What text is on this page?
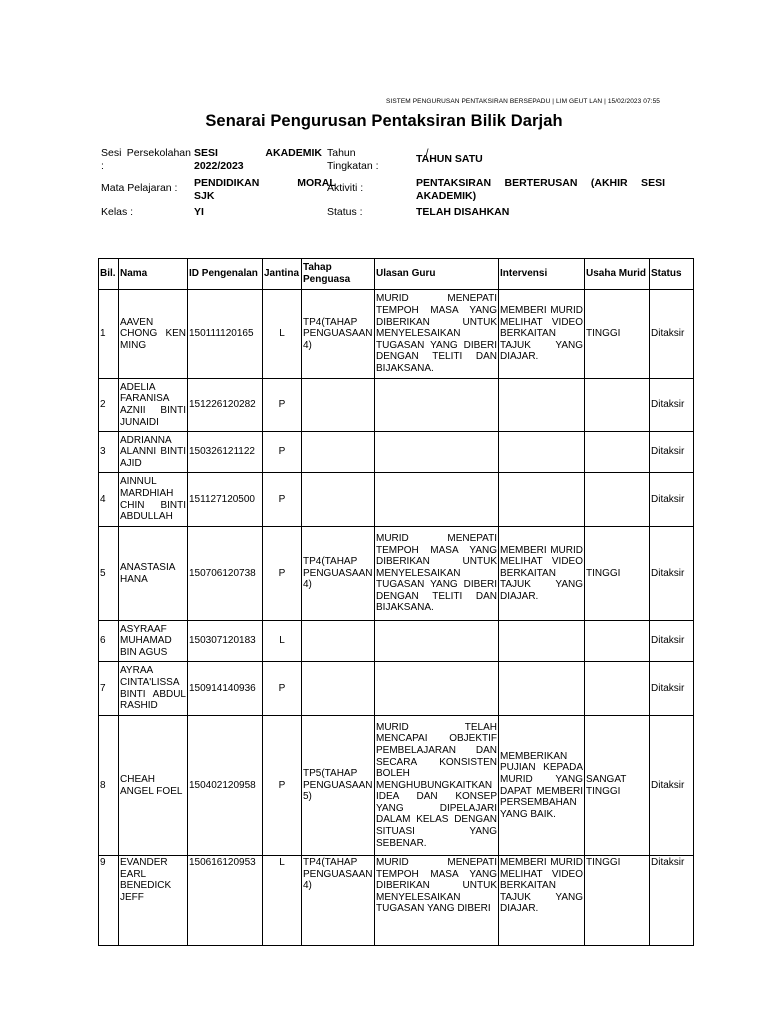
SISTEM PENGURUSAN PENTAKSIRAN BERSEPADU | LIM GEUT LAN | 15/02/2023 07:55
Senarai Pengurusan Pentaksiran Bilik Darjah
Sesi Persekolahan
:
SESI                AKADEMIK
2022/2023
Tahun                        /
Tingkatan :
TAHUN SATU
Mata Pelajaran : PENDIDIKAN             MORAL
SJK
Aktiviti :	PENTAKSIRAN    BERTERUSAN    (AKHIR    SESI
AKADEMIK)
Kelas :	YI	Status :	TELAH DISAHKAN
Bil.	Nama	ID Pengenalan	Jantina	Tahap Penguasa	Ulasan Guru	Intervensi	Usaha Murid	Status
1	AAVEN CHONG KEN MING	150111120165	L	TP4(TAHAP PENGUASAAN 4)	MURID MENEPATI TEMPOH MASA YANG DIBERIKAN UNTUK MENYELESAIKAN TUGASAN YANG DIBERI DENGAN TELITI DAN BIJAKSANA.	MEMBERI MURID MELIHAT VIDEO BERKAITAN TAJUK YANG DIAJAR.	TINGGI	Ditaksir
2	ADELIA FARANISA AZNII BINTI JUNAIDI	151226120282	P					Ditaksir
3	ADRIANNA ALANNI BINTI AJID	150326121122	P					Ditaksir
4	AINNUL MARDHIAH CHIN BINTI ABDULLAH	151127120500	P					Ditaksir
5	ANASTASIA HANA	150706120738	P	TP4(TAHAP PENGUASAAN 4)	MURID MENEPATI TEMPOH MASA YANG DIBERIKAN UNTUK MENYELESAIKAN TUGASAN YANG DIBERI DENGAN TELITI DAN BIJAKSANA.	MEMBERI MURID MELIHAT VIDEO BERKAITAN TAJUK YANG DIAJAR.	TINGGI	Ditaksir
6	ASYRAAF MUHAMAD BIN AGUS	150307120183	L					Ditaksir
7	AYRAA CINTA'LISSA BINTI ABDUL RASHID	150914140936	P					Ditaksir
8	CHEAH ANGEL FOEL	150402120958	P	TP5(TAHAP PENGUASAAN 5)	MURID TELAH MENCAPAI OBJEKTIF PEMBELAJARAN DAN SECARA KONSISTEN BOLEH MENGHUBUNGKAITKAN IDEA DAN KONSEP YANG DIPELAJARI DALAM KELAS DENGAN SITUASI YANG SEBENAR.	MEMBERIKAN PUJIAN KEPADA MURID YANG DAPAT MEMBERI PERSEMBAHAN YANG BAIK.	SANGAT TINGGI	Ditaksir
9	EVANDER EARL BENEDICK JEFF	150616120953	L	TP4(TAHAP PENGUASAAN 4)	MURID MENEPATI TEMPOH MASA YANG DIBERIKAN UNTUK MENYELESAIKAN TUGASAN YANG DIBERI	MEMBERI MURID MELIHAT VIDEO BERKAITAN TAJUK YANG DIAJAR.	TINGGI	Ditaksir
